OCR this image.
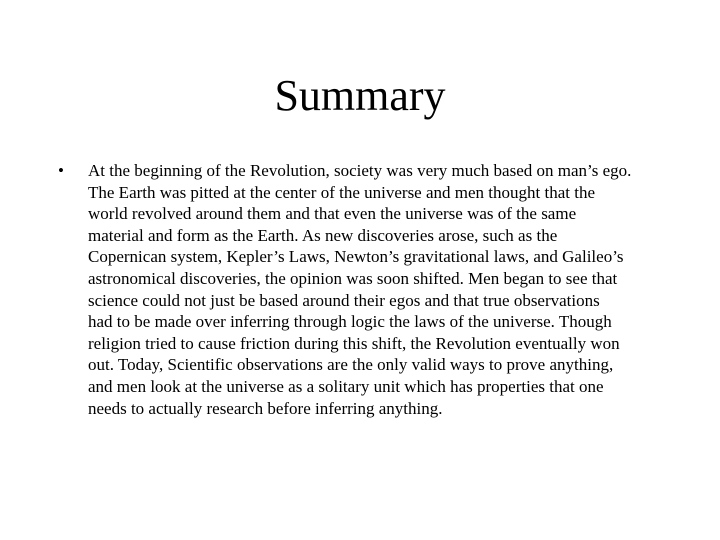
Summary
• At the beginning of the Revolution, society was very much based on man’s ego.
The Earth was pitted at the center of the universe and men thought that the
world revolved around them and that even the universe was of the same
material and form as the Earth. As new discoveries arose, such as the
Copernican system, Kepler’s Laws, Newton’s gravitational laws, and Galileo’s
astronomical discoveries, the opinion was soon shifted. Men began to see that
science could not just be based around their egos and that true observations
had to be made over inferring through logic the laws of the universe. Though
religion tried to cause friction during this shift, the Revolution eventually won
out. Today, Scientific observations are the only valid ways to prove anything,
and men look at the universe as a solitary unit which has properties that one
needs to actually research before inferring anything.
